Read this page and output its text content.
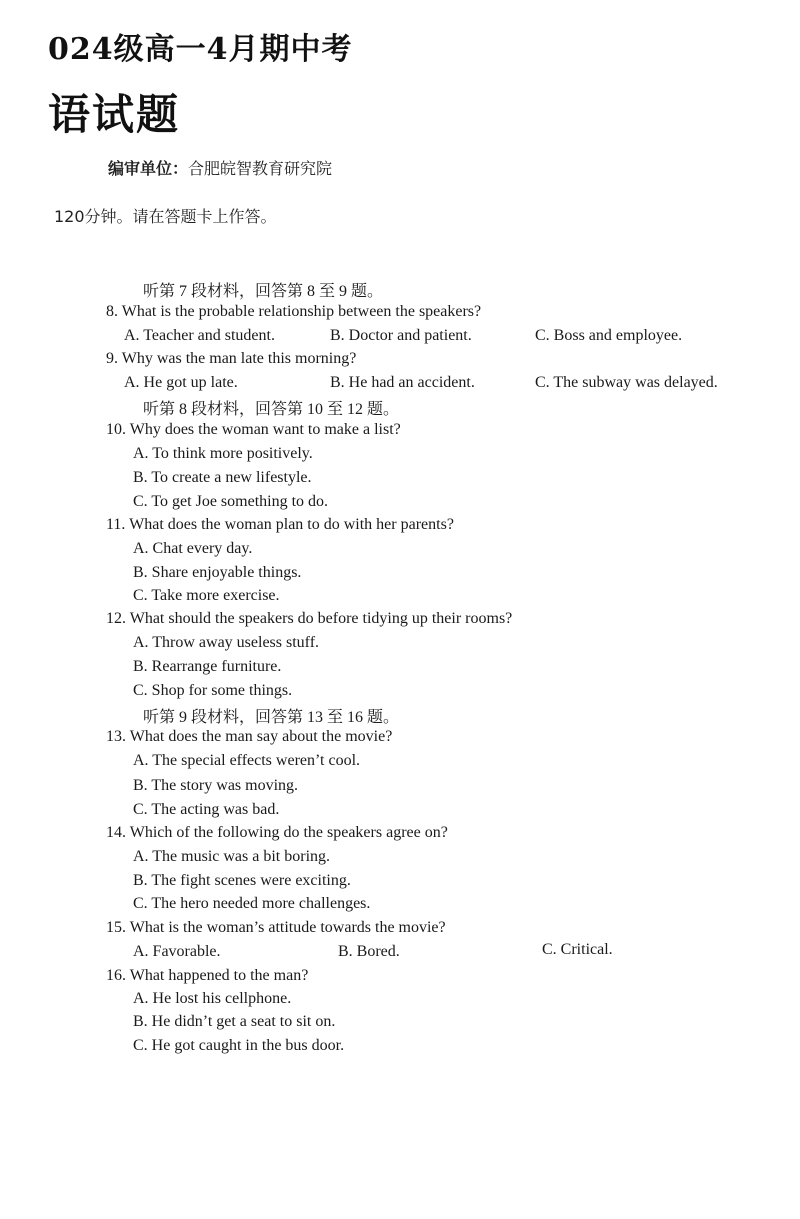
024级高一4月期中考
语试题
编审单位：合肥皖智教育研究院
120分钟。请在答题卡上作答。
听第 7 段材料，回答第 8 至 9 题。
8. What is the probable relationship between the speakers?
A. Teacher and student.	B. Doctor and patient.	C. Boss and employee.
9. Why was the man late this morning?
A. He got up late.	B. He had an accident.	C. The subway was delayed.
听第 8 段材料，回答第 10 至 12 题。
10. Why does the woman want to make a list?
A. To think more positively.
B. To create a new lifestyle.
C. To get Joe something to do.
11. What does the woman plan to do with her parents?
A. Chat every day.
B. Share enjoyable things.
C. Take more exercise.
12. What should the speakers do before tidying up their rooms?
A. Throw away useless stuff.
B. Rearrange furniture.
C. Shop for some things.
听第 9 段材料，回答第 13 至 16 题。
13. What does the man say about the movie?
A. The special effects weren’t cool.
B. The story was moving.
C. The acting was bad.
14. Which of the following do the speakers agree on?
A. The music was a bit boring.
B. The fight scenes were exciting.
C. The hero needed more challenges.
15. What is the woman’s attitude towards the movie?
A. Favorable.	B. Bored.	C. Critical.
16. What happened to the man?
A. He lost his cellphone.
B. He didn’t get a seat to sit on.
C. He got caught in the bus door.
